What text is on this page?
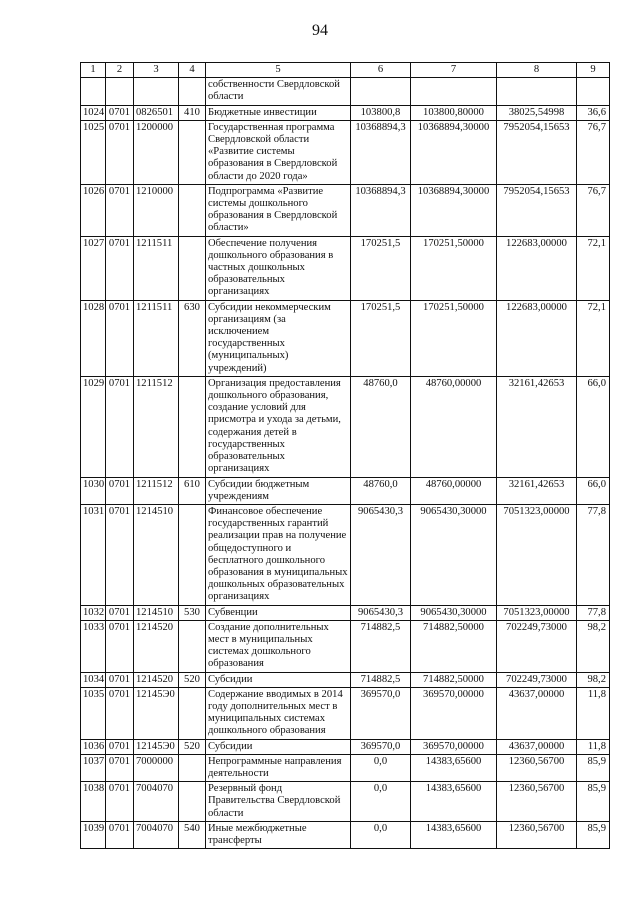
94
1	2	3	4	5	6	7	8	9
				собственности Свердловской области				
1024	0701	0826501	410	Бюджетные инвестиции	103800,8	103800,80000	38025,54998	36,6
1025	0701	1200000		Государственная программа Свердловской области «Развитие системы образования в Свердловской области до 2020 года»	10368894,3	10368894,30000	7952054,15653	76,7
1026	0701	1210000		Подпрограмма «Развитие системы дошкольного образования в Свердловской области»	10368894,3	10368894,30000	7952054,15653	76,7
1027	0701	1211511		Обеспечение получения дошкольного образования в частных дошкольных образовательных организациях	170251,5	170251,50000	122683,00000	72,1
1028	0701	1211511	630	Субсидии некоммерческим организациям (за исключением государственных (муниципальных) учреждений)	170251,5	170251,50000	122683,00000	72,1
1029	0701	1211512		Организация предоставления дошкольного образования, создание условий для присмотра и ухода за детьми, содержания детей в государственных образовательных организациях	48760,0	48760,00000	32161,42653	66,0
1030	0701	1211512	610	Субсидии бюджетным учреждениям	48760,0	48760,00000	32161,42653	66,0
1031	0701	1214510		Финансовое обеспечение государственных гарантий реализации прав на получение общедоступного и бесплатного дошкольного образования в муниципальных дошкольных образовательных организациях	9065430,3	9065430,30000	7051323,00000	77,8
1032	0701	1214510	530	Субвенции	9065430,3	9065430,30000	7051323,00000	77,8
1033	0701	1214520		Создание дополнительных мест в муниципальных системах дошкольного образования	714882,5	714882,50000	702249,73000	98,2
1034	0701	1214520	520	Субсидии	714882,5	714882,50000	702249,73000	98,2
1035	0701	12145Э0		Содержание вводимых в 2014 году дополнительных мест в муниципальных системах дошкольного образования	369570,0	369570,00000	43637,00000	11,8
1036	0701	12145Э0	520	Субсидии	369570,0	369570,00000	43637,00000	11,8
1037	0701	7000000		Непрограммные направления деятельности	0,0	14383,65600	12360,56700	85,9
1038	0701	7004070		Резервный фонд Правительства Свердловской области	0,0	14383,65600	12360,56700	85,9
1039	0701	7004070	540	Иные межбюджетные трансферты	0,0	14383,65600	12360,56700	85,9
